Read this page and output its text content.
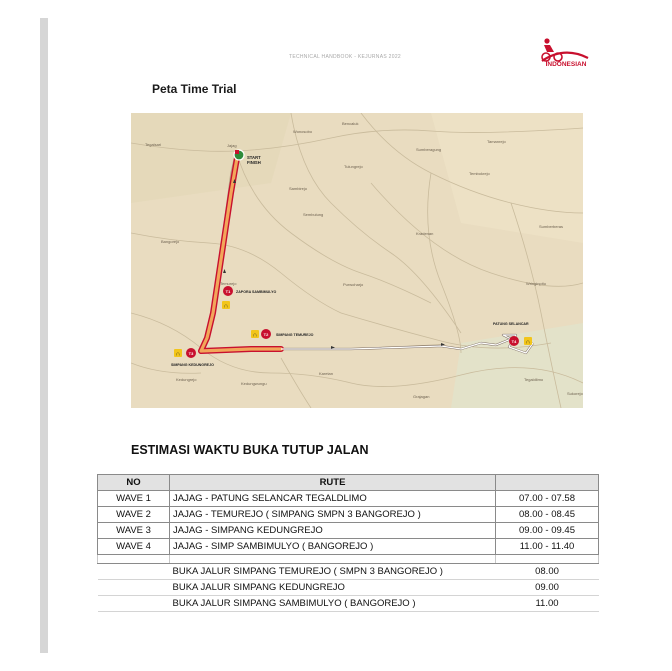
TECHNICAL HANDBOOK - KEJURNAS 2022
INDONESIAN
Peta Time Trial
START
FINISH
T1 ZAPORA SAMBIMULYO
∩
∩ T2 SIMPANG TEMUREJO
∩ T3
SIMPANG KEDUNGREJO
PATUNG SELANCAR
T4 ∩
Tegalsari	Jajag
Bencaluk
Tamanrejo
Wonosobo
Tulungrejo
Sumberagung
Tembokrejo
Kradenan
Sumberberas
Bangorejo
Sambirejo
Wringinpitu
Purwoharjo
Sembulung
Temurejo
Karetan
Grajagan
Tegaldlimo
Kedungrejo
Kedungwungu
Sukorejo
ESTIMASI WAKTU BUKA TUTUP JALAN
NO	RUTE	
WAVE 1	JAJAG - PATUNG SELANCAR TEGALDLIMO	07.00 - 07.58
WAVE 2	JAJAG - TEMUREJO ( SIMPANG SMPN 3 BANGOREJO )	08.00 - 08.45
WAVE 3	JAJAG - SIMPANG KEDUNGREJO	09.00 - 09.45
WAVE 4	JAJAG - SIMP SAMBIMULYO ( BANGOREJO )	11.00 - 11.40

	BUKA JALUR SIMPANG TEMUREJO ( SMPN 3 BANGOREJO )	08.00
	BUKA JALUR SIMPANG KEDUNGREJO	09.00
	BUKA JALUR SIMPANG SAMBIMULYO ( BANGOREJO )	11.00
